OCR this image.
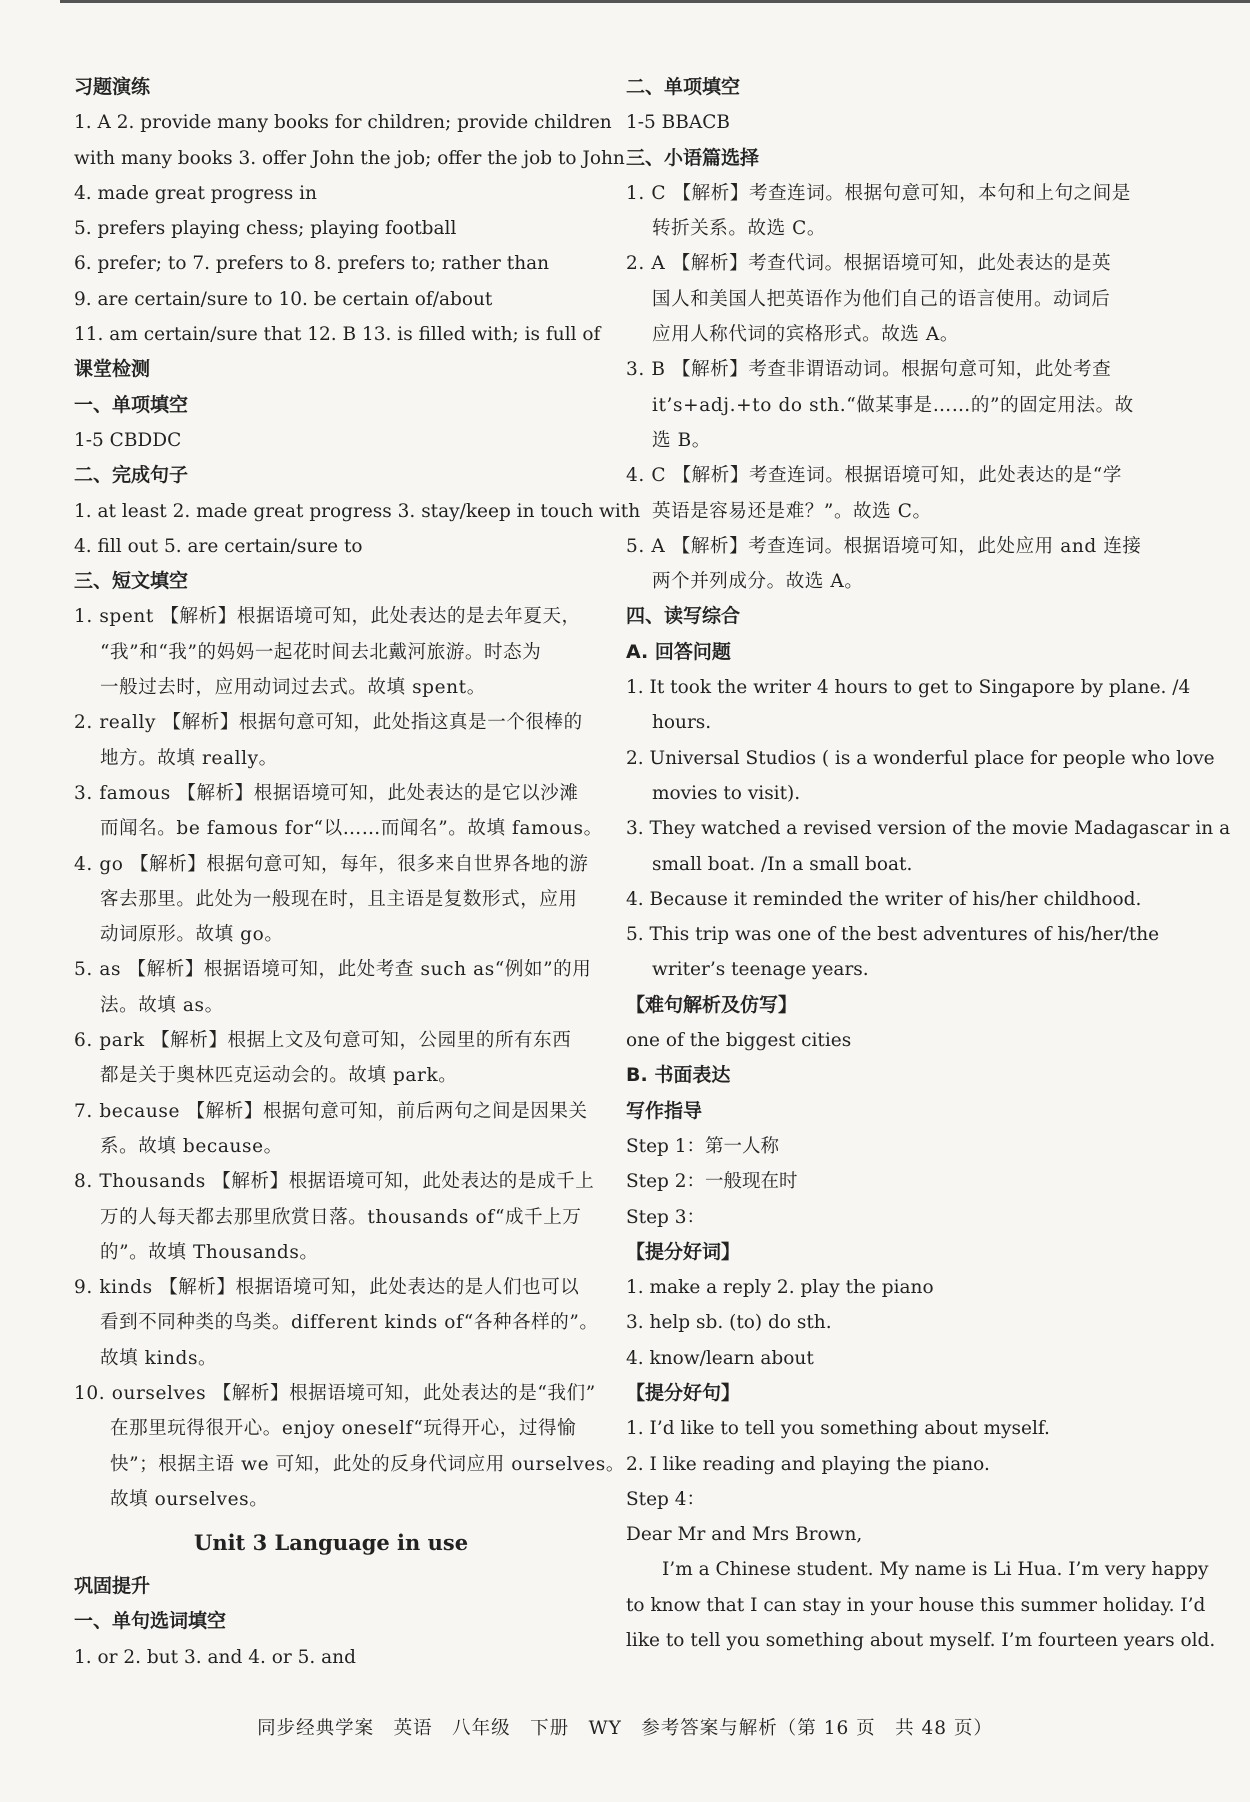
习题演练
1. A 2. provide many books for children; provide children
with many books 3. offer John the job; offer the job to John
4. made great progress in
5. prefers playing chess; playing football
6. prefer; to 7. prefers to 8. prefers to; rather than
9. are certain/sure to 10. be certain of/about
11. am certain/sure that 12. B 13. is filled with; is full of
课堂检测
一、单项填空
1-5 CBDDC
二、完成句子
1. at least 2. made great progress 3. stay/keep in touch with
4. fill out 5. are certain/sure to
三、短文填空
1. spent 【解析】根据语境可知，此处表达的是去年夏天，
“我”和“我”的妈妈一起花时间去北戴河旅游。时态为
一般过去时，应用动词过去式。故填 spent。
2. really 【解析】根据句意可知，此处指这真是一个很棒的
地方。故填 really。
3. famous 【解析】根据语境可知，此处表达的是它以沙滩
而闻名。be famous for“以……而闻名”。故填 famous。
4. go 【解析】根据句意可知，每年，很多来自世界各地的游
客去那里。此处为一般现在时，且主语是复数形式，应用
动词原形。故填 go。
5. as 【解析】根据语境可知，此处考查 such as“例如”的用
法。故填 as。
6. park 【解析】根据上文及句意可知，公园里的所有东西
都是关于奥林匹克运动会的。故填 park。
7. because 【解析】根据句意可知，前后两句之间是因果关
系。故填 because。
8. Thousands 【解析】根据语境可知，此处表达的是成千上
万的人每天都去那里欣赏日落。thousands of“成千上万
的”。故填 Thousands。
9. kinds 【解析】根据语境可知，此处表达的是人们也可以
看到不同种类的鸟类。different kinds of“各种各样的”。
故填 kinds。
10. ourselves 【解析】根据语境可知，此处表达的是“我们”
在那里玩得很开心。enjoy oneself“玩得开心，过得愉
快”；根据主语 we 可知，此处的反身代词应用 ourselves。
故填 ourselves。
Unit 3 Language in use
巩固提升
一、单句选词填空
1. or 2. but 3. and 4. or 5. and
二、单项填空
1-5 BBACB
三、小语篇选择
1. C 【解析】考查连词。根据句意可知，本句和上句之间是
转折关系。故选 C。
2. A 【解析】考查代词。根据语境可知，此处表达的是英
国人和美国人把英语作为他们自己的语言使用。动词后
应用人称代词的宾格形式。故选 A。
3. B 【解析】考查非谓语动词。根据句意可知，此处考查
it’s+adj.+to do sth.“做某事是……的”的固定用法。故
选 B。
4. C 【解析】考查连词。根据语境可知，此处表达的是“学
英语是容易还是难？”。故选 C。
5. A 【解析】考查连词。根据语境可知，此处应用 and 连接
两个并列成分。故选 A。
四、读写综合
A. 回答问题
1. It took the writer 4 hours to get to Singapore by plane. /4
hours.
2. Universal Studios ( is a wonderful place for people who love
movies to visit).
3. They watched a revised version of the movie Madagascar in a
small boat. /In a small boat.
4. Because it reminded the writer of his/her childhood.
5. This trip was one of the best adventures of his/her/the
writer’s teenage years.
【难句解析及仿写】
one of the biggest cities
B. 书面表达
写作指导
Step 1：第一人称
Step 2：一般现在时
Step 3：
【提分好词】
1. make a reply 2. play the piano
3. help sb. (to) do sth.
4. know/learn about
【提分好句】
1. I’d like to tell you something about myself.
2. I like reading and playing the piano.
Step 4：
Dear Mr and Mrs Brown,
I’m a Chinese student. My name is Li Hua. I’m very happy
to know that I can stay in your house this summer holiday. I’d
like to tell you something about myself. I’m fourteen years old.
同步经典学案　英语　八年级　下册　WY　参考答案与解析（第 16 页　共 48 页）
